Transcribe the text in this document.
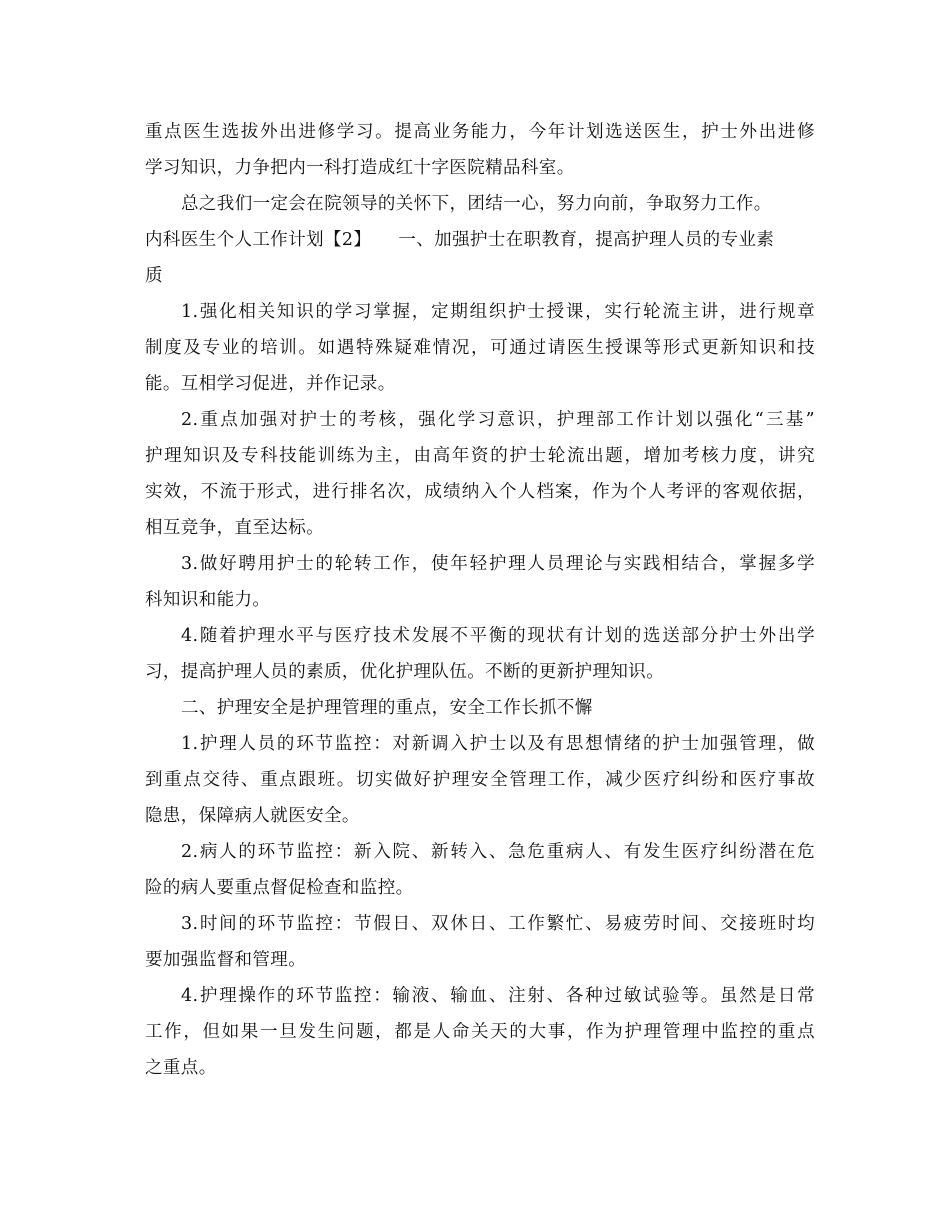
重点医生选拔外出进修学习。提高业务能力，今年计划选送医生，护士外出进修
学习知识，力争把内一科打造成红十字医院精品科室。
总之我们一定会在院领导的关怀下，团结一心，努力向前，争取努力工作。
内科医生个人工作计划【2】　　一、加强护士在职教育，提高护理人员的专业素
质
1.强化相关知识的学习掌握，定期组织护士授课，实行轮流主讲，进行规章
制度及专业的培训。如遇特殊疑难情况，可通过请医生授课等形式更新知识和技
能。互相学习促进，并作记录。
2.重点加强对护士的考核，强化学习意识，护理部工作计划以强化“三基”
护理知识及专科技能训练为主，由高年资的护士轮流出题，增加考核力度，讲究
实效，不流于形式，进行排名次，成绩纳入个人档案，作为个人考评的客观依据，
相互竞争，直至达标。
3.做好聘用护士的轮转工作，使年轻护理人员理论与实践相结合，掌握多学
科知识和能力。
4.随着护理水平与医疗技术发展不平衡的现状有计划的选送部分护士外出学
习，提高护理人员的素质，优化护理队伍。不断的更新护理知识。
二、护理安全是护理管理的重点，安全工作长抓不懈
1.护理人员的环节监控：对新调入护士以及有思想情绪的护士加强管理，做
到重点交待、重点跟班。切实做好护理安全管理工作，减少医疗纠纷和医疗事故
隐患，保障病人就医安全。
2.病人的环节监控：新入院、新转入、急危重病人、有发生医疗纠纷潜在危
险的病人要重点督促检查和监控。
3.时间的环节监控：节假日、双休日、工作繁忙、易疲劳时间、交接班时均
要加强监督和管理。
4.护理操作的环节监控：输液、输血、注射、各种过敏试验等。虽然是日常
工作，但如果一旦发生问题，都是人命关天的大事，作为护理管理中监控的重点
之重点。
